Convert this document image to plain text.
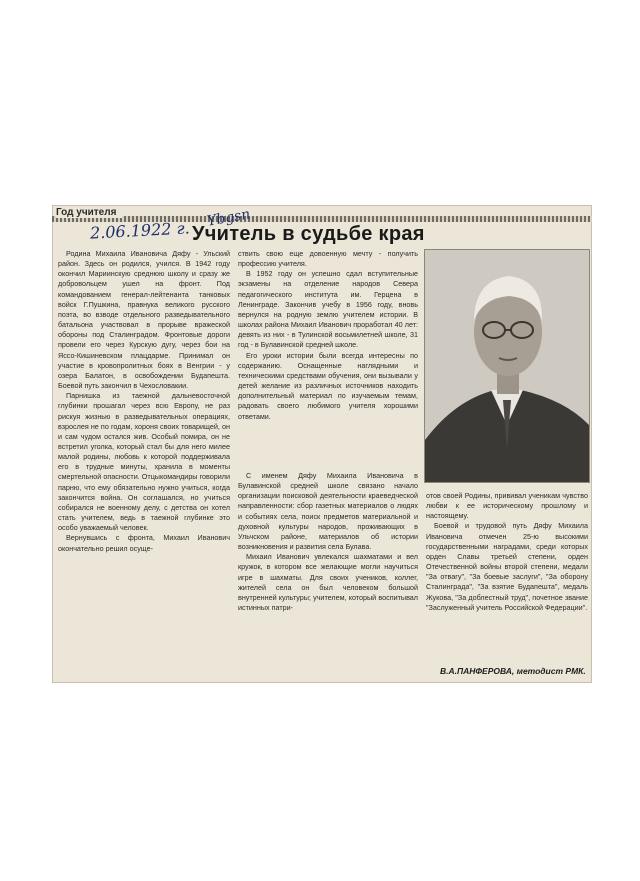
Год учителя	Ybgsn
2.06.1922 г. Учитель в судьбе края

Родина Михаила Ивановича Дяфу - Ульский район. Здесь он родился, учился. В 1942 году окончил Мариинскую среднюю школу и сразу же добровольцем ушел на фронт. Под командованием генерал-лейтенанта танковых войск Г.Пушкина, правнука великого русского поэта, во взводе отдельного разведывательного батальона участвовал в прорыве вражеской обороны под Сталинградом. Фронтовые дороги провели его через Курскую дугу, через бои на Яссо-Кишиневском плацдарме. Принимал он участие в кровопролитных боях в Венгрии - у озера Балатон, в освобождении Будапешта. Боевой путь закончил в Чехословакии.

Парнишка из таежной дальневосточной глубинки прошагал через всю Европу, не раз рискуя жизнью в разведывательных операциях, взрослея не по годам, хороня своих товарищей, он и сам чудом остался жив. Особый помира, он не встретил уголка, который стал бы для него милее малой родины, любовь к которой поддерживала его в трудные минуты, хранила в моменты смертельной опасности. Отцыкомандиры говорили парню, что ему обязательно нужно учиться, когда закончится война. Он соглашался, но учиться собирался не военному делу, с детства он хотел стать учителем, ведь в таежной глубинке это особо уважаемый человек.

Вернувшись с фронта, Михаил Иванович окончательно решил осуще-

ствить свою еще довоенную мечту - получить профессию учителя.

В 1952 году он успешно сдал вступительные экзамены на отделение народов Севера педагогического института им. Герцена в Ленинграде. Закончив учебу в 1956 году, вновь вернулся на родную землю учителем истории. В школах района Михаил Иванович проработал 40 лет: девять из них - в Тулинской восьмилетней школе, 31 год - в Булавинской средней школе.

Его уроки истории были всегда интересны по содержанию. Оснащенные наглядными и техническими средствами обучения, они вызывали у детей желание из различных источников находить дополнительный материал по изучаемым темам, радовать своего любимого учителя хорошими ответами.

С именем Дяфу Михаила Ивановича в Булавинской средней школе связано начало организации поисковой деятельности краеведческой направленности: сбор газетных материалов о людях и событиях села, поиск предметов материальной и духовной культуры народов, проживающих в Ульчском районе, материалов об истории возникновения и развития села Булава.

Михаил Иванович увлекался шахматами и вел кружок, в котором все желающие могли научиться игре в шахматы. Для своих учеников, коллег, жителей села он был человеком большой внутренней культуры; учителем, который воспитывал истинных патри-

отов своей Родины, прививал ученикам чувство любви к ее историческому прошлому и настоящему.

Боевой и трудовой путь Дяфу Михаила Ивановича отмечен 25-ю высокими государственными наградами, среди которых орден Славы третьей степени, орден Отечественной войны второй степени, медали "За отвагу", "За боевые заслуги", "За оборону Сталинграда", "За взятие Будапешта", медаль Жукова, "За доблестный труд", почетное звание "Заслуженный учитель Российской Федерации".

В.А.ПАНФЕРОВА, методист РМК.
